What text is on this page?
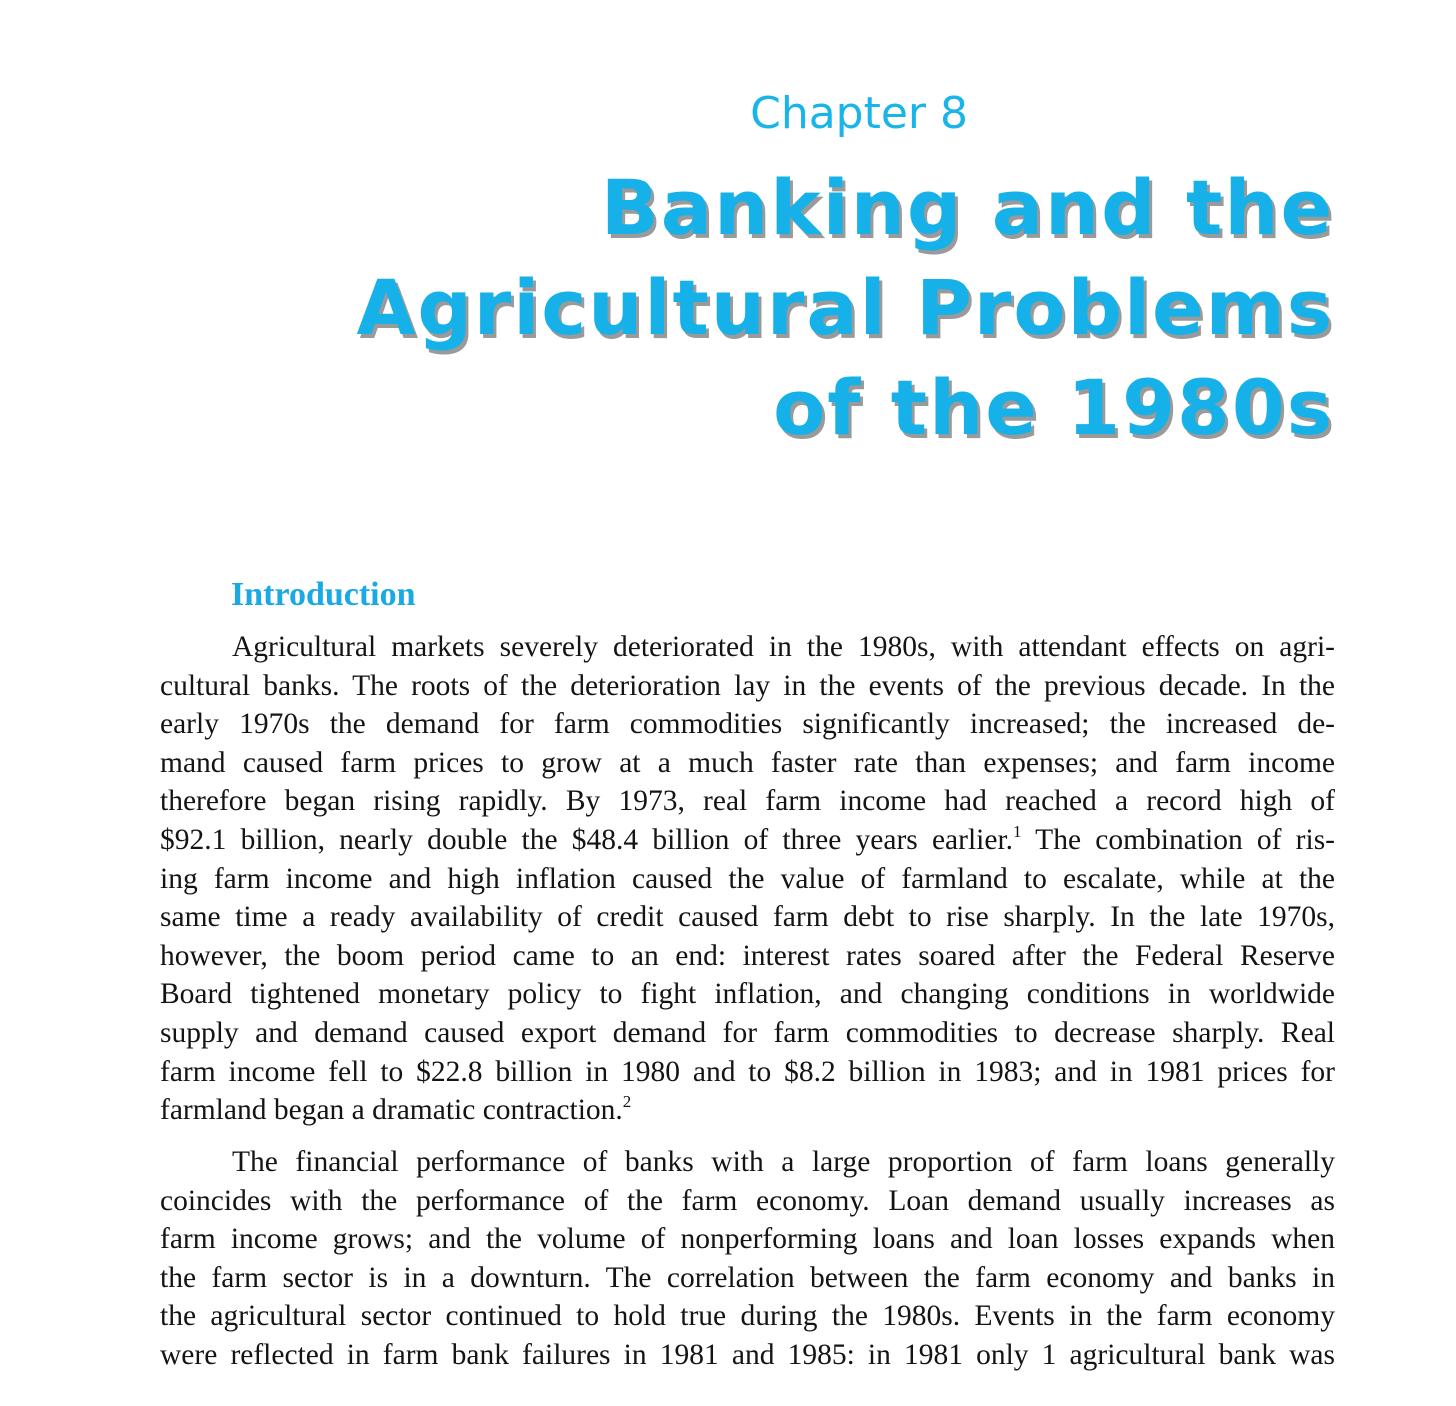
Chapter 8
Banking and the
Agricultural Problems
of the 1980s
Introduction
Agricultural markets severely deteriorated in the 1980s, with attendant effects on agri-
cultural banks. The roots of the deterioration lay in the events of the previous decade. In the
early 1970s the demand for farm commodities significantly increased; the increased de-
mand caused farm prices to grow at a much faster rate than expenses; and farm income
therefore began rising rapidly. By 1973, real farm income had reached a record high of
$92.1 billion, nearly double the $48.4 billion of three years earlier.$^1$ The combination of ris-
ing farm income and high inflation caused the value of farmland to escalate, while at the
same time a ready availability of credit caused farm debt to rise sharply. In the late 1970s,
however, the boom period came to an end: interest rates soared after the Federal Reserve
Board tightened monetary policy to fight inflation, and changing conditions in worldwide
supply and demand caused export demand for farm commodities to decrease sharply. Real
farm income fell to $22.8 billion in 1980 and to $8.2 billion in 1983; and in 1981 prices for
farmland began a dramatic contraction.$^2$
The financial performance of banks with a large proportion of farm loans generally
coincides with the performance of the farm economy. Loan demand usually increases as
farm income grows; and the volume of nonperforming loans and loan losses expands when
the farm sector is in a downturn. The correlation between the farm economy and banks in
the agricultural sector continued to hold true during the 1980s. Events in the farm economy
were reflected in farm bank failures in 1981 and 1985: in 1981 only 1 agricultural bank was
